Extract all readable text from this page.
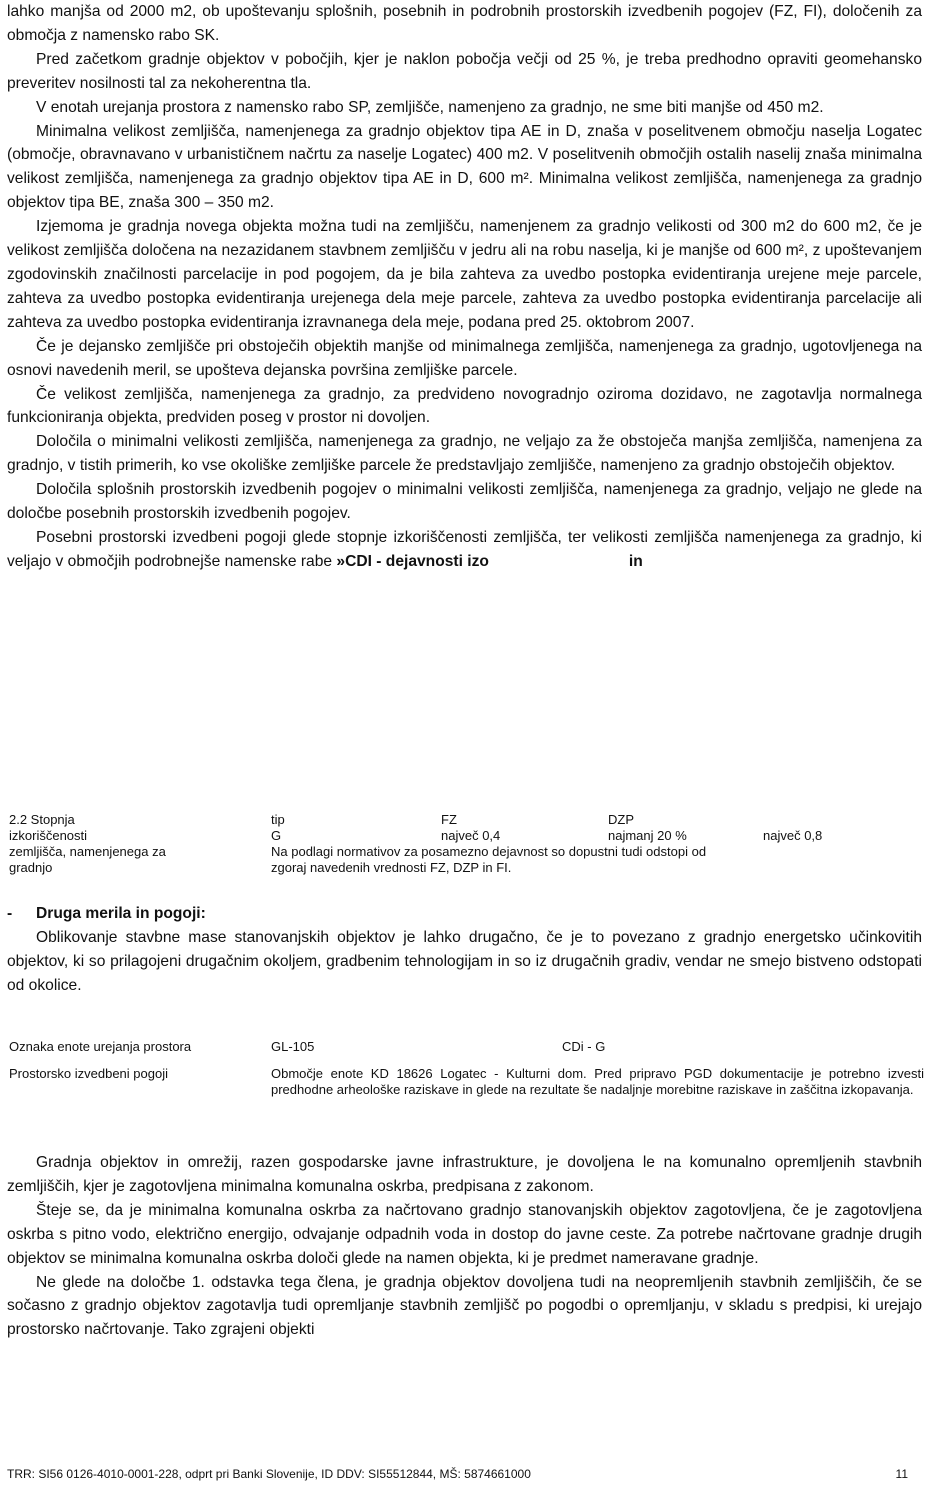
lahko manjša od 2000 m2, ob upoštevanju splošnih, posebnih in podrobnih prostorskih izvedbenih pogojev (FZ, FI), določenih za območja z namensko rabo SK.

Pred začetkom gradnje objektov v pobočjih, kjer je naklon pobočja večji od 25 %, je treba predhodno opraviti geomehansko preveritev nosilnosti tal za nekoherentna tla.

V enotah urejanja prostora z namensko rabo SP, zemljišče, namenjeno za gradnjo, ne sme biti manjše od 450 m2.

Minimalna velikost zemljišča, namenjenega za gradnjo objektov tipa AE in D, znaša v poselitvenem območju naselja Logatec (območje, obravnavano v urbanističnem načrtu za naselje Logatec) 400 m2. V poselitvenih območjih ostalih naselij znaša minimalna velikost zemljišča, namenjenega za gradnjo objektov tipa AE in D, 600 m². Minimalna velikost zemljišča, namenjenega za gradnjo objektov tipa BE, znaša 300 – 350 m2.

Izjemoma je gradnja novega objekta možna tudi na zemljišču, namenjenem za gradnjo velikosti od 300 m2 do 600 m2, če je velikost zemljišča določena na nezazidanem stavbnem zemljišču v jedru ali na robu naselja, ki je manjše od 600 m², z upoštevanjem zgodovinskih značilnosti parcelacije in pod pogojem, da je bila zahteva za uvedbo postopka evidentiranja urejene meje parcele, zahteva za uvedbo postopka evidentiranja urejenega dela meje parcele, zahteva za uvedbo postopka evidentiranja parcelacije ali zahteva za uvedbo postopka evidentiranja izravnanega dela meje, podana pred 25. oktobrom 2007.

Če je dejansko zemljišče pri obstoječih objektih manjše od minimalnega zemljišča, namenjenega za gradnjo, ugotovljenega na osnovi navedenih meril, se upošteva dejanska površina zemljiške parcele.

Če velikost zemljišča, namenjenega za gradnjo, za predvideno novogradnjo oziroma dozidavo, ne zagotavlja normalnega funkcioniranja objekta, predviden poseg v prostor ni dovoljen.

Določila o minimalni velikosti zemljišča, namenjenega za gradnjo, ne veljajo za že obstoječa manjša zemljišča, namenjena za gradnjo, v tistih primerih, ko vse okoliške zemljiške parcele že predstavljajo zemljišče, namenjeno za gradnjo obstoječih objektov.

Določila splošnih prostorskih izvedbenih pogojev o minimalni velikosti zemljišča, namenjenega za gradnjo, veljajo ne glede na določbe posebnih prostorskih izvedbenih pogojev.

Posebni prostorski izvedbeni pogoji glede stopnje izkoriščenosti zemljišča, ter velikosti zemljišča namenjenega za gradnjo, ki veljajo v območjih podrobnejše namenske rabe »CDI - dejavnosti izo	in

2.2 Stopnja	tip	FZ	DZP	
izkoriščenosti	G	največ 0,4	najmanj 20 %	največ 0,8
zemljišča, namenjenega za	Na podlagi normativov za posamezno dejavnost so dopustni tudi odstopi od			
gradnjo	zgoraj navedenih vrednosti FZ, DZP in FI.			

- Druga merila in pogoji:

Oblikovanje stavbne mase stanovanjskih objektov je lahko drugačno, če je to povezano z gradnjo energetsko učinkovitih objektov, ki so prilagojeni drugačnim okoljem, gradbenim tehnologijam in so iz drugačnih gradiv, vendar ne smejo bistveno odstopati od okolice.

Oznaka enote urejanja prostora	GL-105	CDi - G
Prostorsko izvedbeni pogoji	Območje enote KD 18626 Logatec - Kulturni dom. Pred pripravo PGD dokumentacije je potrebno izvesti predhodne arheološke raziskave in glede na rezultate še nadaljnje morebitne raziskave in zaščitna izkopavanja.	

Gradnja objektov in omrežij, razen gospodarske javne infrastrukture, je dovoljena le na komunalno opremljenih stavbnih zemljiščih, kjer je zagotovljena minimalna komunalna oskrba, predpisana z zakonom.

Šteje se, da je minimalna komunalna oskrba za načrtovano gradnjo stanovanjskih objektov zagotovljena, če je zagotovljena oskrba s pitno vodo, električno energijo, odvajanje odpadnih voda in dostop do javne ceste. Za potrebe načrtovane gradnje drugih objektov se minimalna komunalna oskrba določi glede na namen objekta, ki je predmet nameravane gradnje.

Ne glede na določbe 1. odstavka tega člena, je gradnja objektov dovoljena tudi na neopremljenih stavbnih zemljiščih, če se sočasno z gradnjo objektov zagotavlja tudi opremljanje stavbnih zemljišč po pogodbi o opremljanju, v skladu s predpisi, ki urejajo prostorsko načrtovanje. Tako zgrajeni objekti

TRR: SI56 0126-4010-0001-228, odprt pri Banki Slovenije, ID DDV: SI55512844, MŠ: 5874661000	11
